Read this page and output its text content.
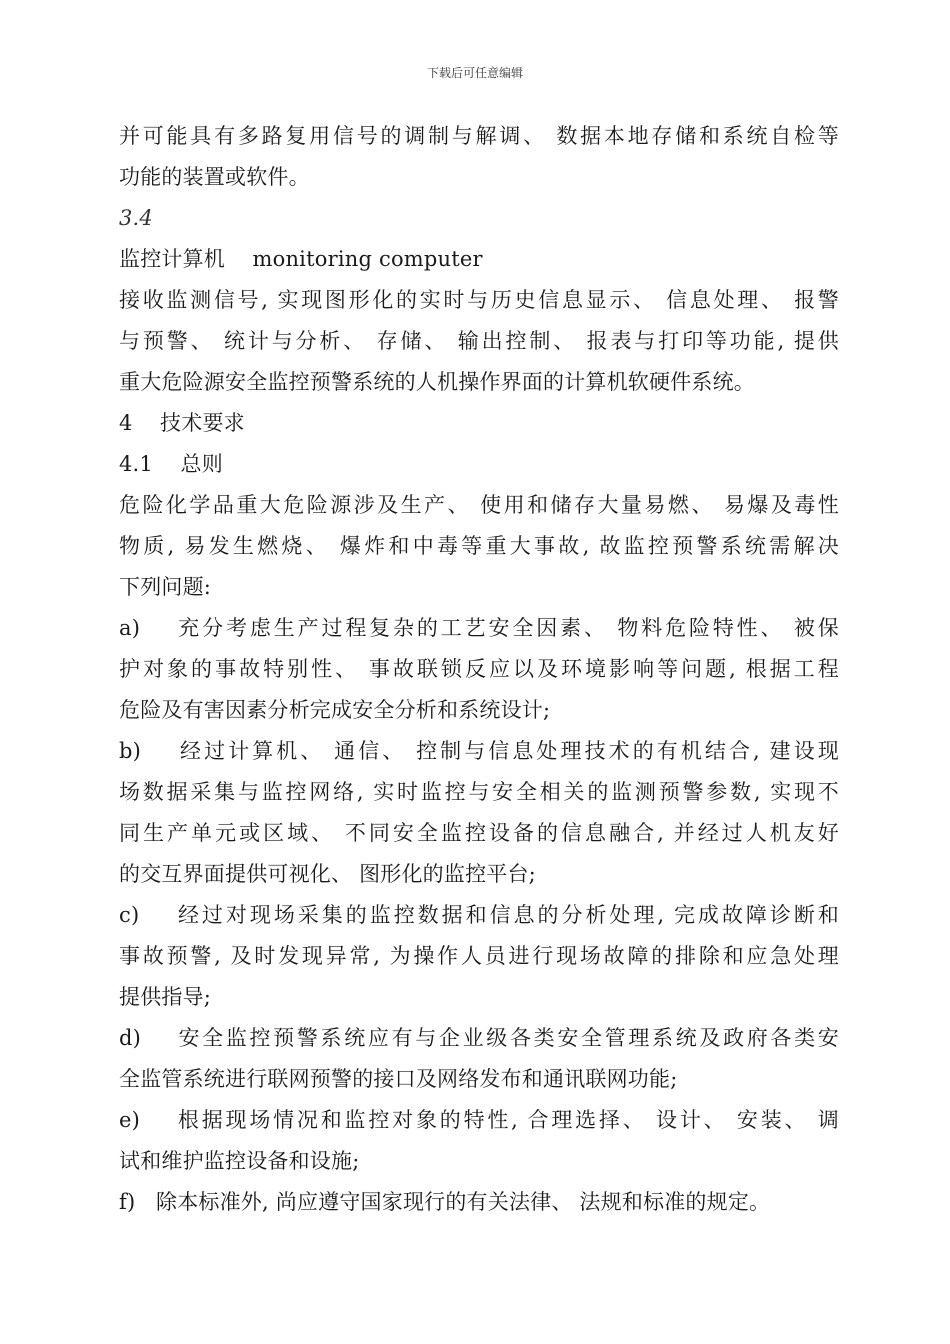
下载后可任意编辑
并可能具有多路复用信号的调制与解调、 数据本地存储和系统自检等
功能的装置或软件。
3.4
监控计算机    monitoring computer
接收监测信号, 实现图形化的实时与历史信息显示、 信息处理、 报警
与预警、 统计与分析、 存储、 输出控制、 报表与打印等功能, 提供
重大危险源安全监控预警系统的人机操作界面的计算机软硬件系统。
4    技术要求
4.1    总则
危险化学品重大危险源涉及生产、 使用和储存大量易燃、 易爆及毒性
物质, 易发生燃烧、 爆炸和中毒等重大事故, 故监控预警系统需解决
下列问题:
a)    充分考虑生产过程复杂的工艺安全因素、 物料危险特性、 被保
护对象的事故特别性、 事故联锁反应以及环境影响等问题, 根据工程
危险及有害因素分析完成安全分析和系统设计;
b)    经过计算机、 通信、 控制与信息处理技术的有机结合, 建设现
场数据采集与监控网络, 实时监控与安全相关的监测预警参数, 实现不
同生产单元或区域、 不同安全监控设备的信息融合, 并经过人机友好
的交互界面提供可视化、 图形化的监控平台;
c)    经过对现场采集的监控数据和信息的分析处理, 完成故障诊断和
事故预警, 及时发现异常, 为操作人员进行现场故障的排除和应急处理
提供指导;
d)    安全监控预警系统应有与企业级各类安全管理系统及政府各类安
全监管系统进行联网预警的接口及网络发布和通讯联网功能;
e)    根据现场情况和监控对象的特性, 合理选择、 设计、 安装、 调
试和维护监控设备和设施;
f)   除本标准外, 尚应遵守国家现行的有关法律、 法规和标准的规定。
